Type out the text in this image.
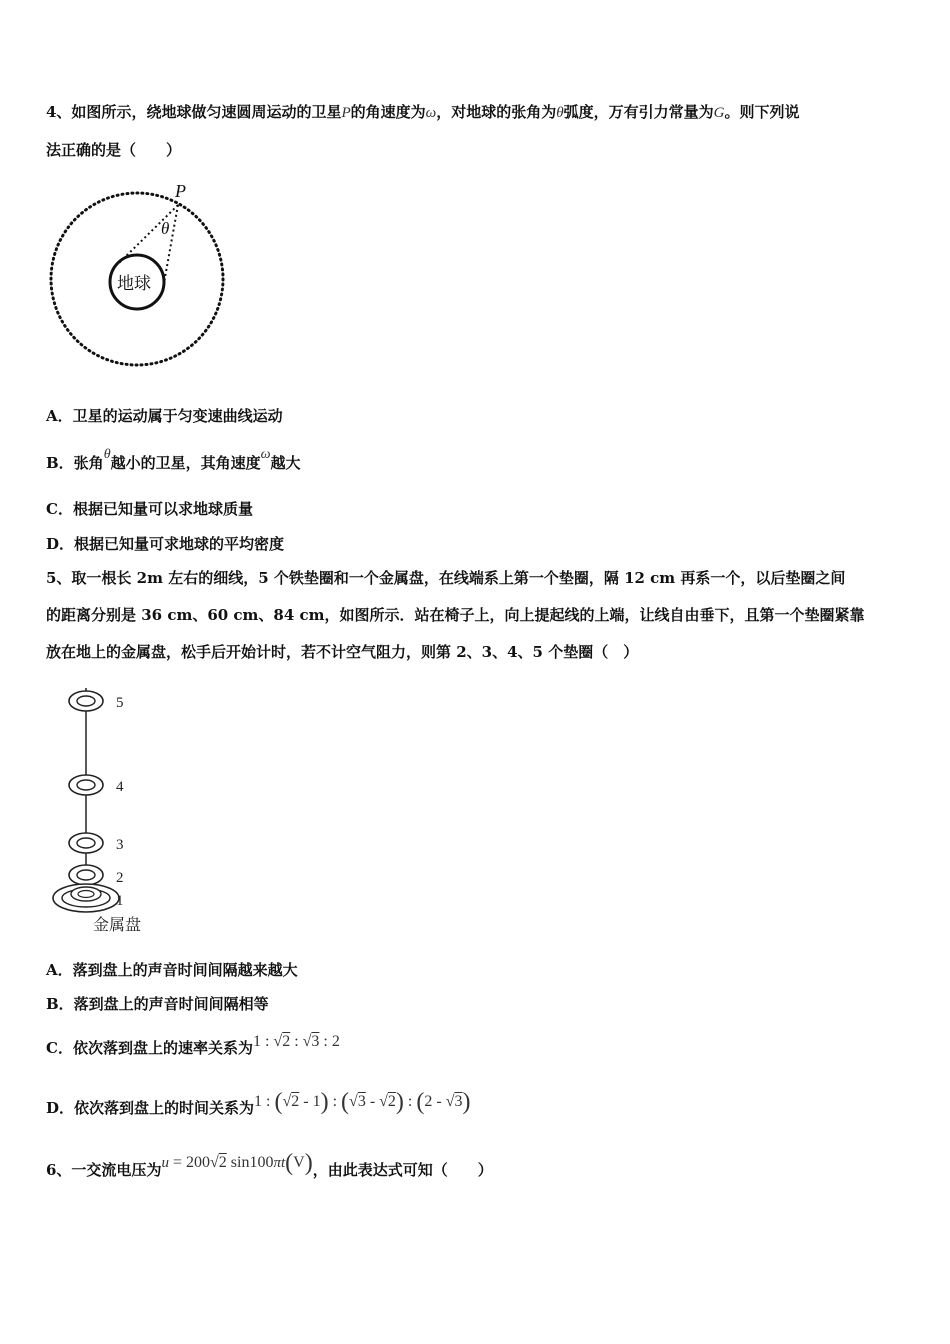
4、如图所示，绕地球做匀速圆周运动的卫星P的角速度为ω，对地球的张角为θ弧度，万有引力常量为G。则下列说
法正确的是（　　）
P
θ
地球
A．卫星的运动属于匀变速曲线运动
B．张角θ越小的卫星，其角速度ω越大
C．根据已知量可以求地球质量
D．根据已知量可求地球的平均密度
5、取一根长 2m 左右的细线，5 个铁垫圈和一个金属盘，在线端系上第一个垫圈，隔 12 cm 再系一个，以后垫圈之间
的距离分别是 36 cm、60 cm、84 cm，如图所示．站在椅子上，向上提起线的上端，让线自由垂下，且第一个垫圈紧靠
放在地上的金属盘，松手后开始计时，若不计空气阻力，则第 2、3、4、5 个垫圈（　）
5
4
3
2
1
金属盘
A．落到盘上的声音时间间隔越来越大
B．落到盘上的声音时间间隔相等
C．依次落到盘上的速率关系为1 : √2 : √3 : 2
D．依次落到盘上的时间关系为1 : (√2 - 1) : (√3 - √2) : (2 - √3)
6、一交流电压为u = 200√2 sin100πt(V)，由此表达式可知（　　）
